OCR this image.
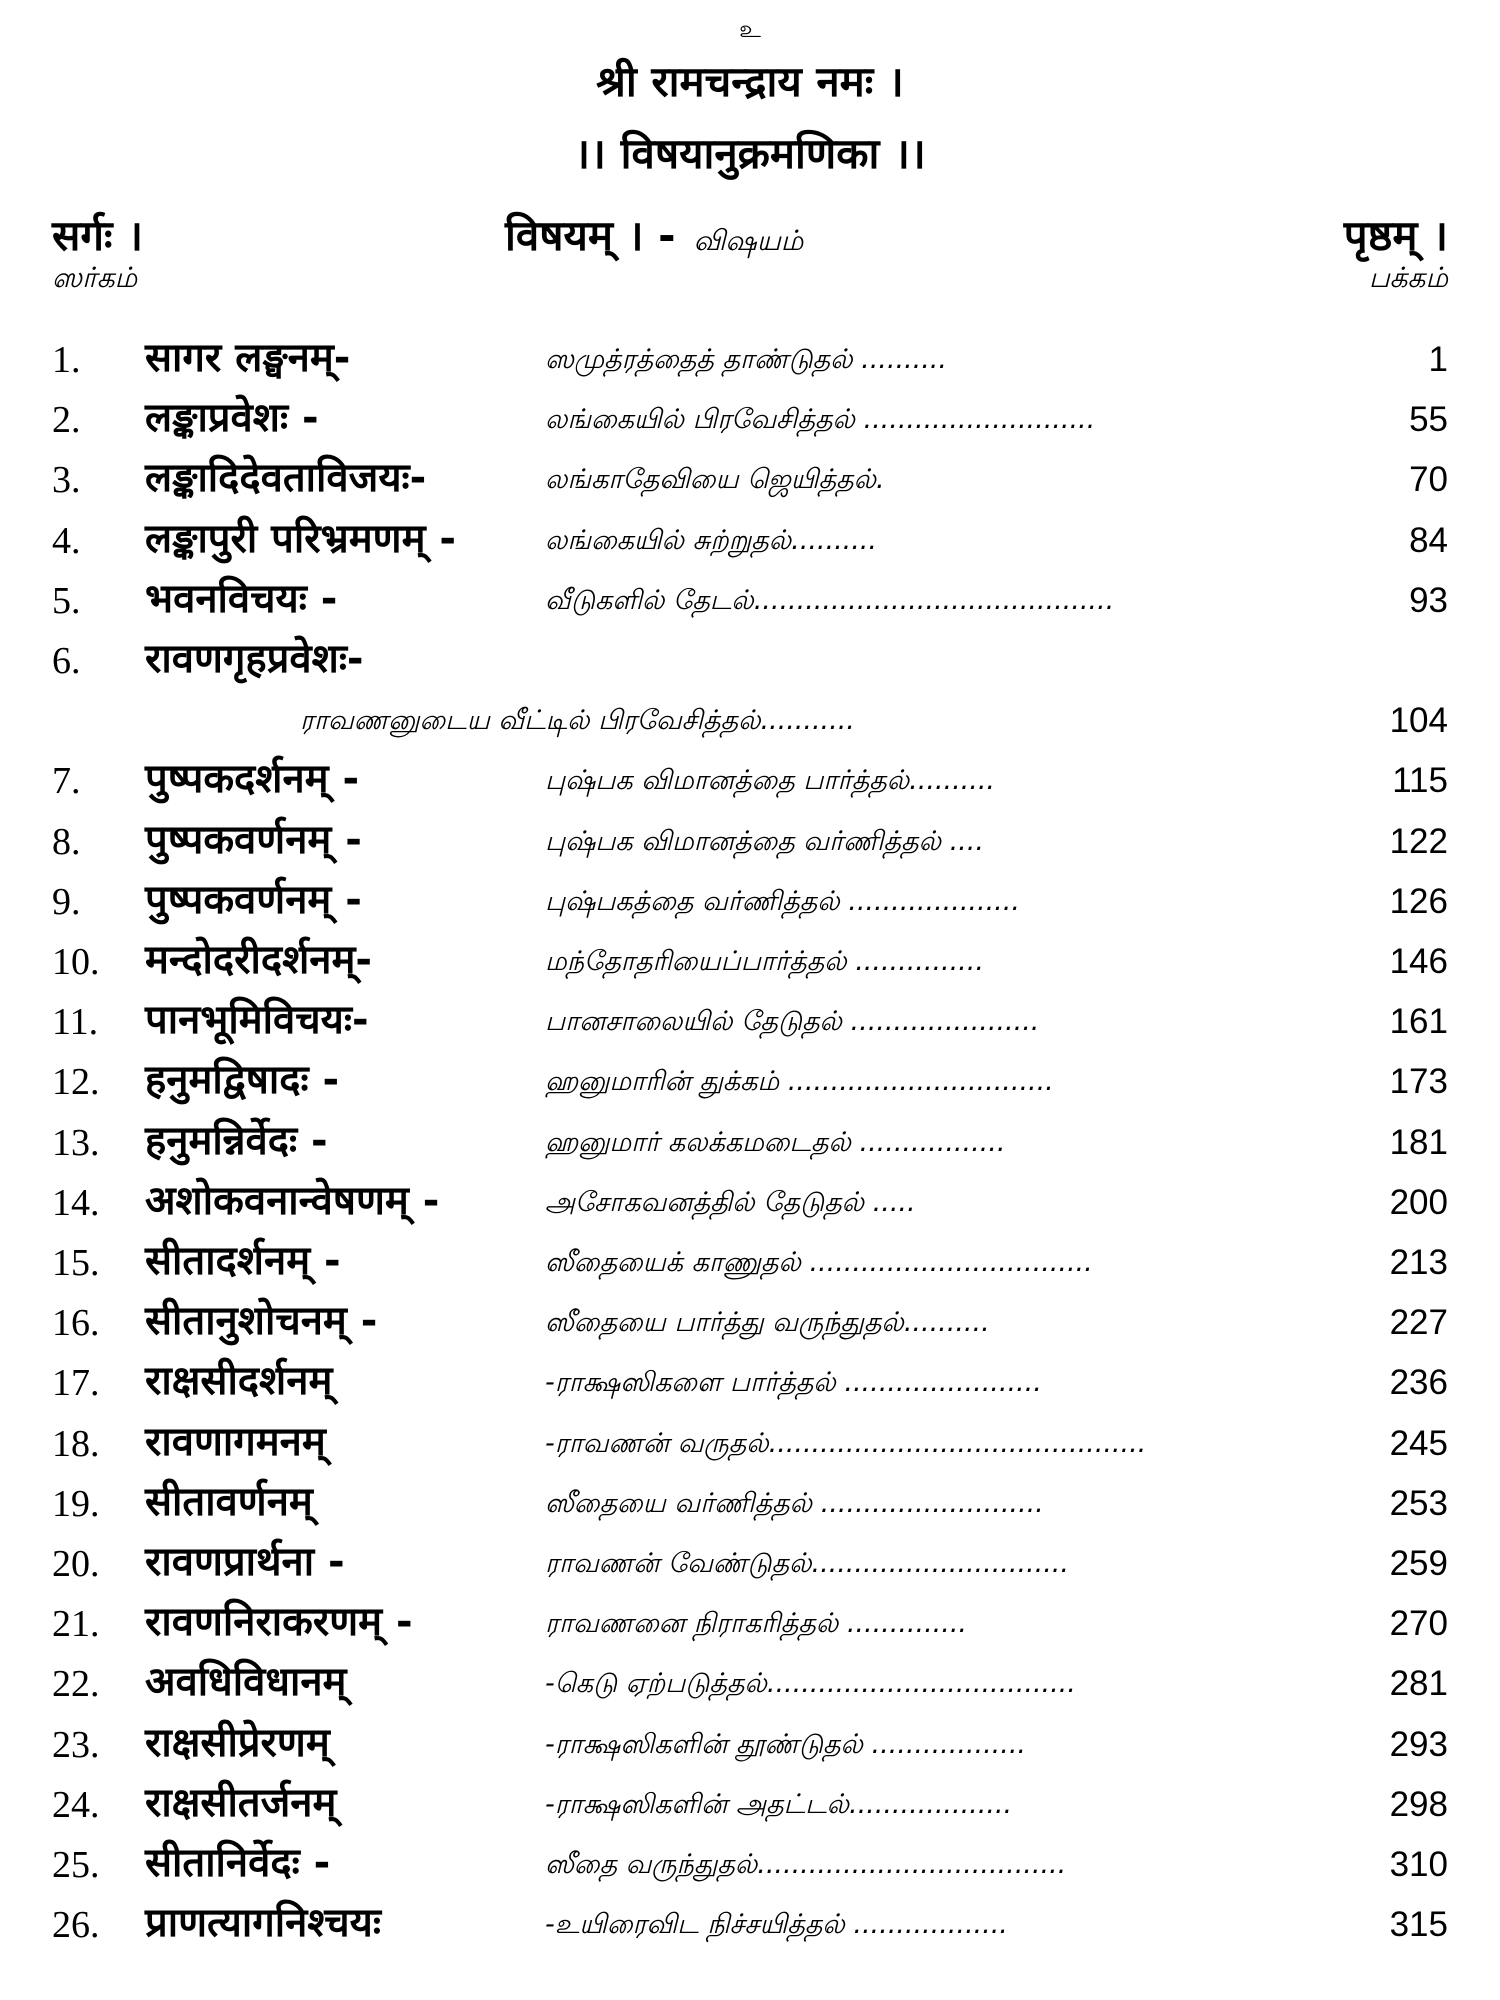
உ
श्री रामचन्द्राय नमः ।
।। विषयानुक्रमणिका ।।
सर्गः ।	विषयम् । - விஷயம்	पृष्ठम् ।
ஸர்கம்	பக்கம்
1. सागर लङ्घनम्-	ஸமுத்ரத்தைத் தாண்டுதல் ..........	1
2. लङ्काप्रवेशः -	லங்கையில் பிரவேசித்தல் ...........................	55
3. लङ्कादिदेवताविजयः-	லங்காதேவியை ஜெயித்தல்.	70
4. लङ्कापुरी परिभ्रमणम् -	லங்கையில் சுற்றுதல்..........	84
5. भवनविचयः -	வீடுகளில் தேடல்..........................................	93
6. रावणगृहप्रवेशः-
ராவணனுடைய வீட்டில் பிரவேசித்தல்...........	104
7. पुष्पकदर्शनम् -	புஷ்பக விமானத்தை பார்த்தல்..........	115
8. पुष्पकवर्णनम् -	புஷ்பக விமானத்தை வர்ணித்தல் ....	122
9. पुष्पकवर्णनम् -	புஷ்பகத்தை வர்ணித்தல் ....................	126
10. मन्दोदरीदर्शनम्-	மந்தோதரியைப்பார்த்தல் ...............	146
11. पानभूमिविचयः-	பானசாலையில் தேடுதல் ......................	161
12. हनुमद्विषादः -	ஹனுமாரின் துக்கம் ...............................	173
13. हनुमन्निर्वेदः -	ஹனுமார் கலக்கமடைதல் .................	181
14. अशोकवनान्वेषणम् -	அசோகவனத்தில் தேடுதல் .....	200
15. सीतादर्शनम् -	ஸீதையைக் காணுதல் .................................	213
16. सीतानुशोचनम् -	ஸீதையை பார்த்து வருந்துதல்..........	227
17. राक्षसीदर्शनम्	-ராக்ஷஸிகளை பார்த்தல் .......................	236
18. रावणागमनम्	-ராவணன் வருதல்............................................	245
19. सीतावर्णनम्	ஸீதையை வர்ணித்தல் ..........................	253
20. रावणप्रार्थना -	ராவணன் வேண்டுதல்..............................	259
21. रावणनिराकरणम् -	ராவணனை நிராகரித்தல் ..............	270
22. अवधिविधानम्	-கெடு ஏற்படுத்தல்....................................	281
23. राक्षसीप्रेरणम्	-ராக்ஷஸிகளின் தூண்டுதல் ..................	293
24. राक्षसीतर्जनम्	-ராக்ஷஸிகளின் அதட்டல்...................	298
25. सीतानिर्वेदः -	ஸீதை வருந்துதல்....................................	310
26. प्राणत्यागनिश्चयः	-உயிரைவிட நிச்சயித்தல் ..................	315
